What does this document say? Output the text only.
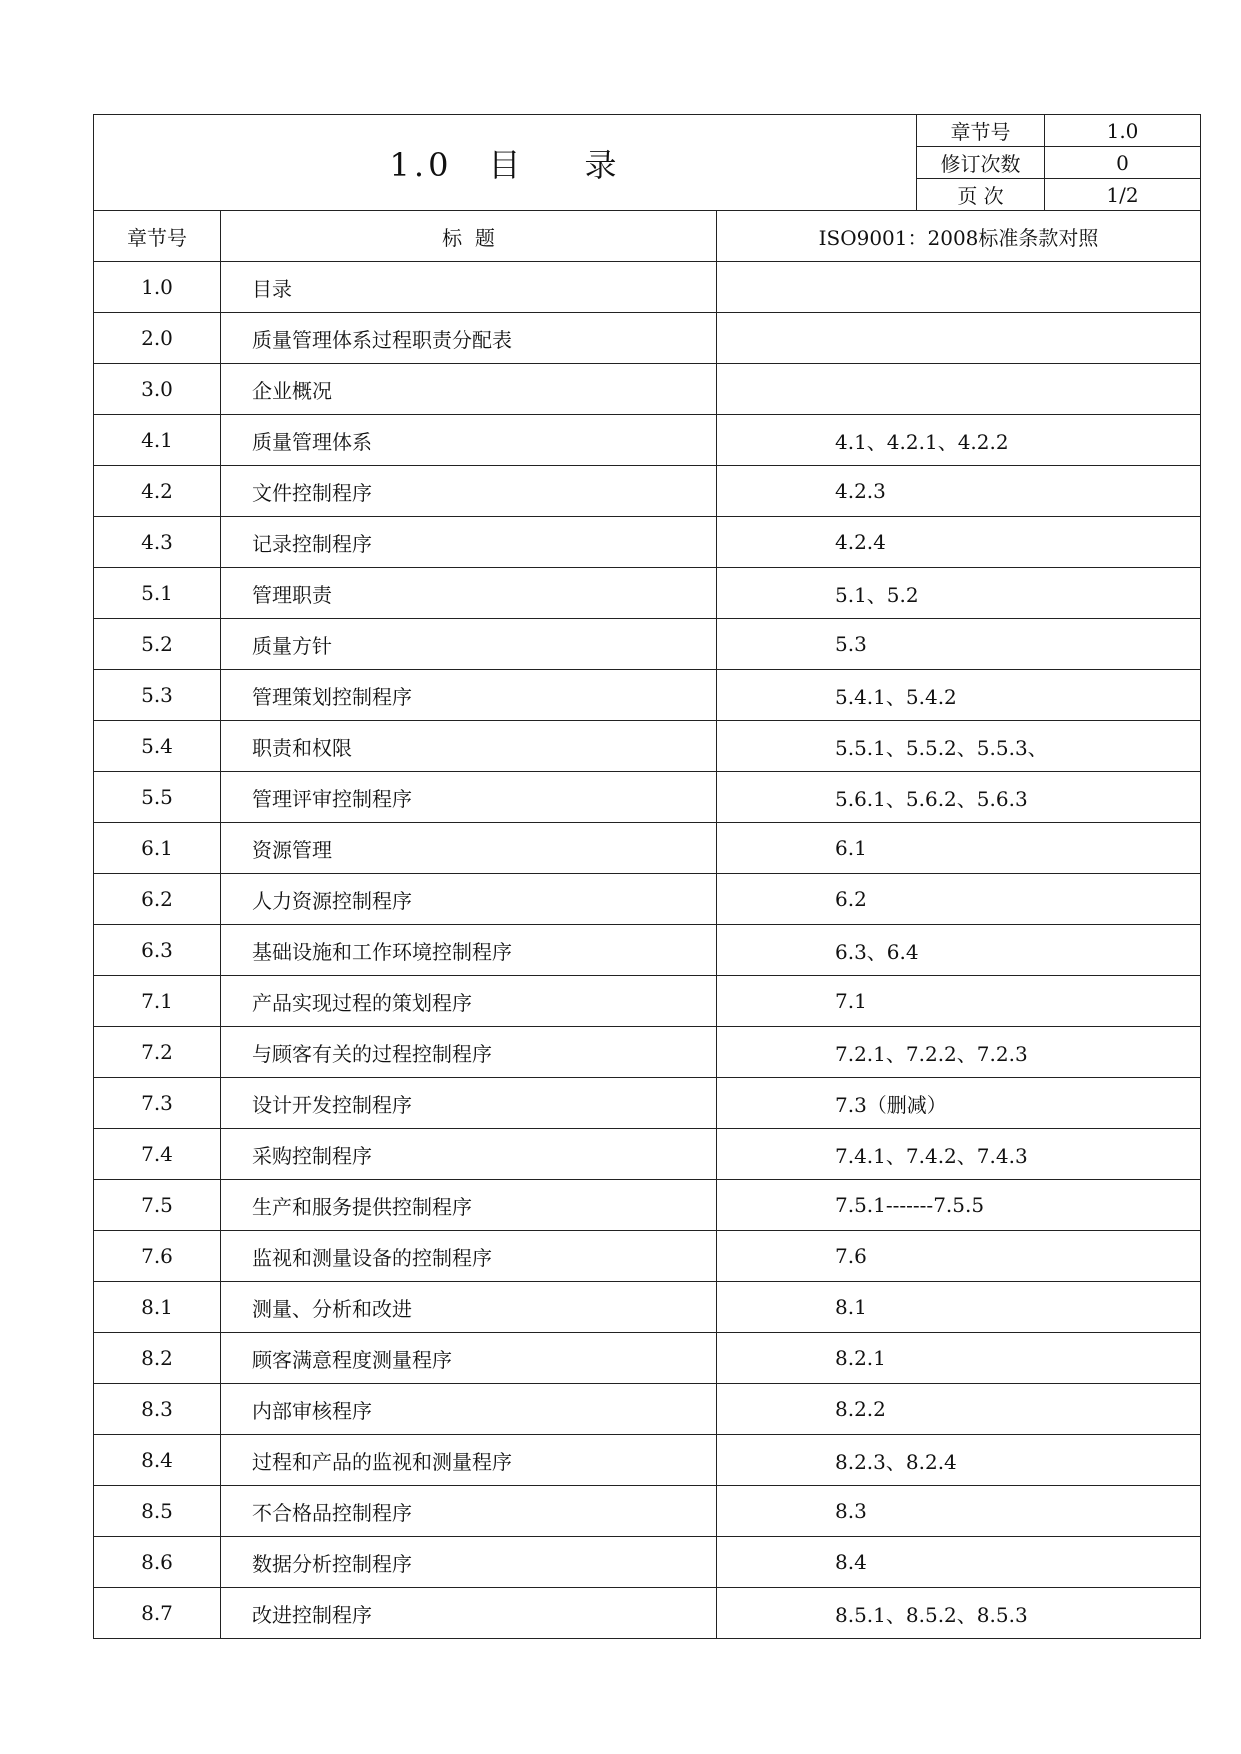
1.0 目 录	章节号	1.0
	修订次数	0
	页 次	1/2
章节号	标  题	ISO9001：2008标准条款对照
1.0	目录	
2.0	质量管理体系过程职责分配表	
3.0	企业概况	
4.1	质量管理体系	4.1、4.2.1、4.2.2
4.2	文件控制程序	4.2.3
4.3	记录控制程序	4.2.4
5.1	管理职责	5.1、5.2
5.2	质量方针	5.3
5.3	管理策划控制程序	5.4.1、5.4.2
5.4	职责和权限	5.5.1、5.5.2、5.5.3、
5.5	管理评审控制程序	5.6.1、5.6.2、5.6.3
6.1	资源管理	6.1
6.2	人力资源控制程序	6.2
6.3	基础设施和工作环境控制程序	6.3、6.4
7.1	产品实现过程的策划程序	7.1
7.2	与顾客有关的过程控制程序	7.2.1、7.2.2、7.2.3
7.3	设计开发控制程序	7.3（删减）
7.4	采购控制程序	7.4.1、7.4.2、7.4.3
7.5	生产和服务提供控制程序	7.5.1-------7.5.5
7.6	监视和测量设备的控制程序	7.6
8.1	测量、分析和改进	8.1
8.2	顾客满意程度测量程序	8.2.1
8.3	内部审核程序	8.2.2
8.4	过程和产品的监视和测量程序	8.2.3、8.2.4
8.5	不合格品控制程序	8.3
8.6	数据分析控制程序	8.4
8.7	改进控制程序	8.5.1、8.5.2、8.5.3
